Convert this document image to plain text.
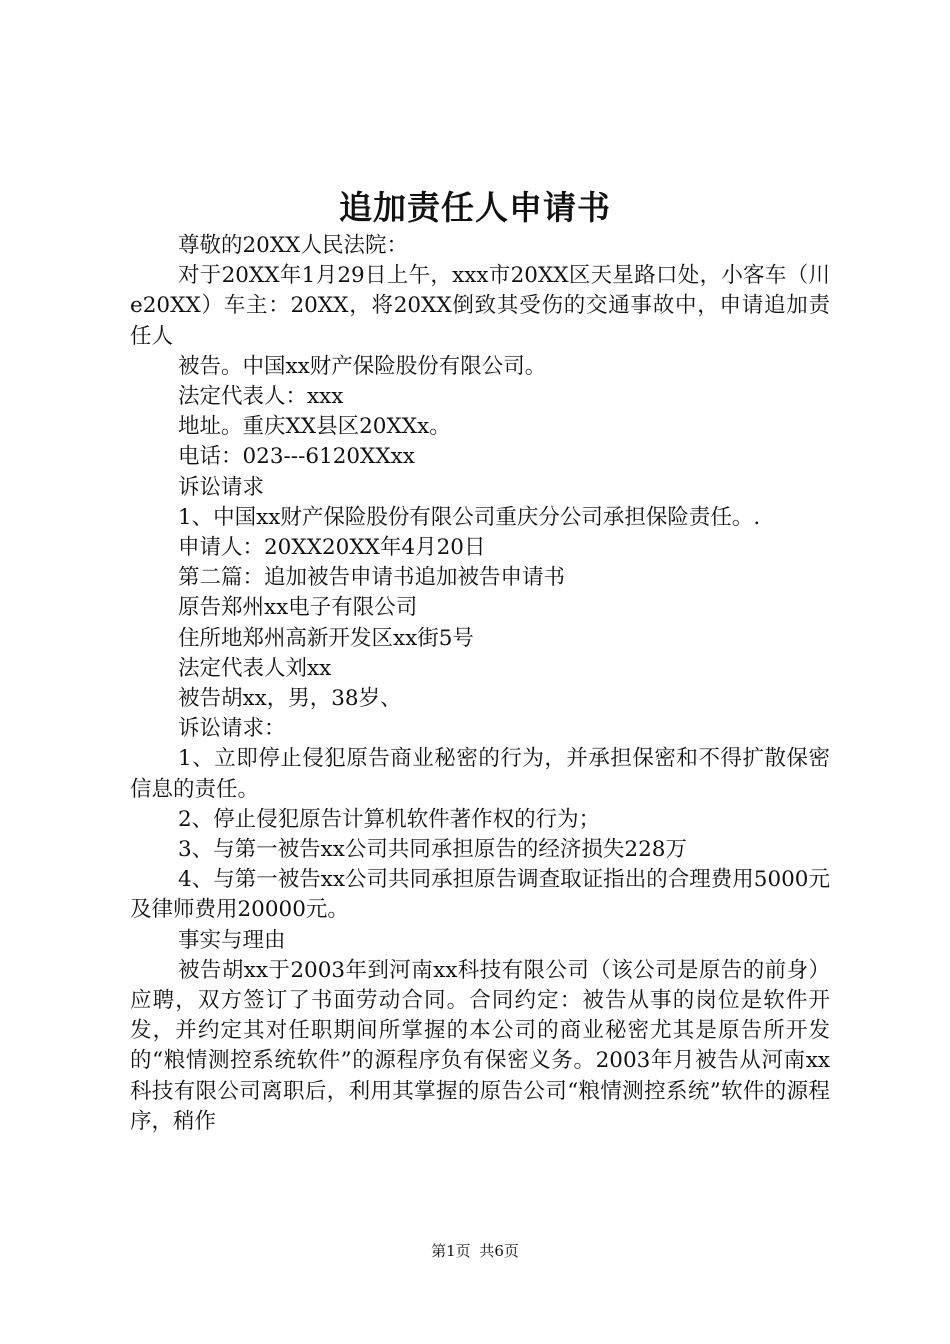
追加责任人申请书

尊敬的20XX人民法院：

对于20XX年1月29日上午，xxx市20XX区天星路口处，小客车（川e20XX）车主：20XX，将20XX倒致其受伤的交通事故中，申请追加责任人

被告。中国xx财产保险股份有限公司。

法定代表人：xxx

地址。重庆XX县区20XXx。

电话：023---6120XXxx

诉讼请求

1、中国xx财产保险股份有限公司重庆分公司承担保险责任。.

申请人：20XX20XX年4月20日

第二篇：追加被告申请书追加被告申请书

原告郑州xx电子有限公司

住所地郑州高新开发区xx街5号

法定代表人刘xx

被告胡xx，男，38岁、

诉讼请求：

1、立即停止侵犯原告商业秘密的行为，并承担保密和不得扩散保密信息的责任。

2、停止侵犯原告计算机软件著作权的行为；

3、与第一被告xx公司共同承担原告的经济损失228万

4、与第一被告xx公司共同承担原告调查取证指出的合理费用5000元及律师费用20000元。

事实与理由

被告胡xx于2003年到河南xx科技有限公司（该公司是原告的前身）应聘，双方签订了书面劳动合同。合同约定：被告从事的岗位是软件开发，并约定其对任职期间所掌握的本公司的商业秘密尤其是原告所开发的“粮情测控系统软件”的源程序负有保密义务。2003年月被告从河南xx科技有限公司离职后，利用其掌握的原告公司“粮情测控系统”软件的源程序，稍作

第1页 共6页
